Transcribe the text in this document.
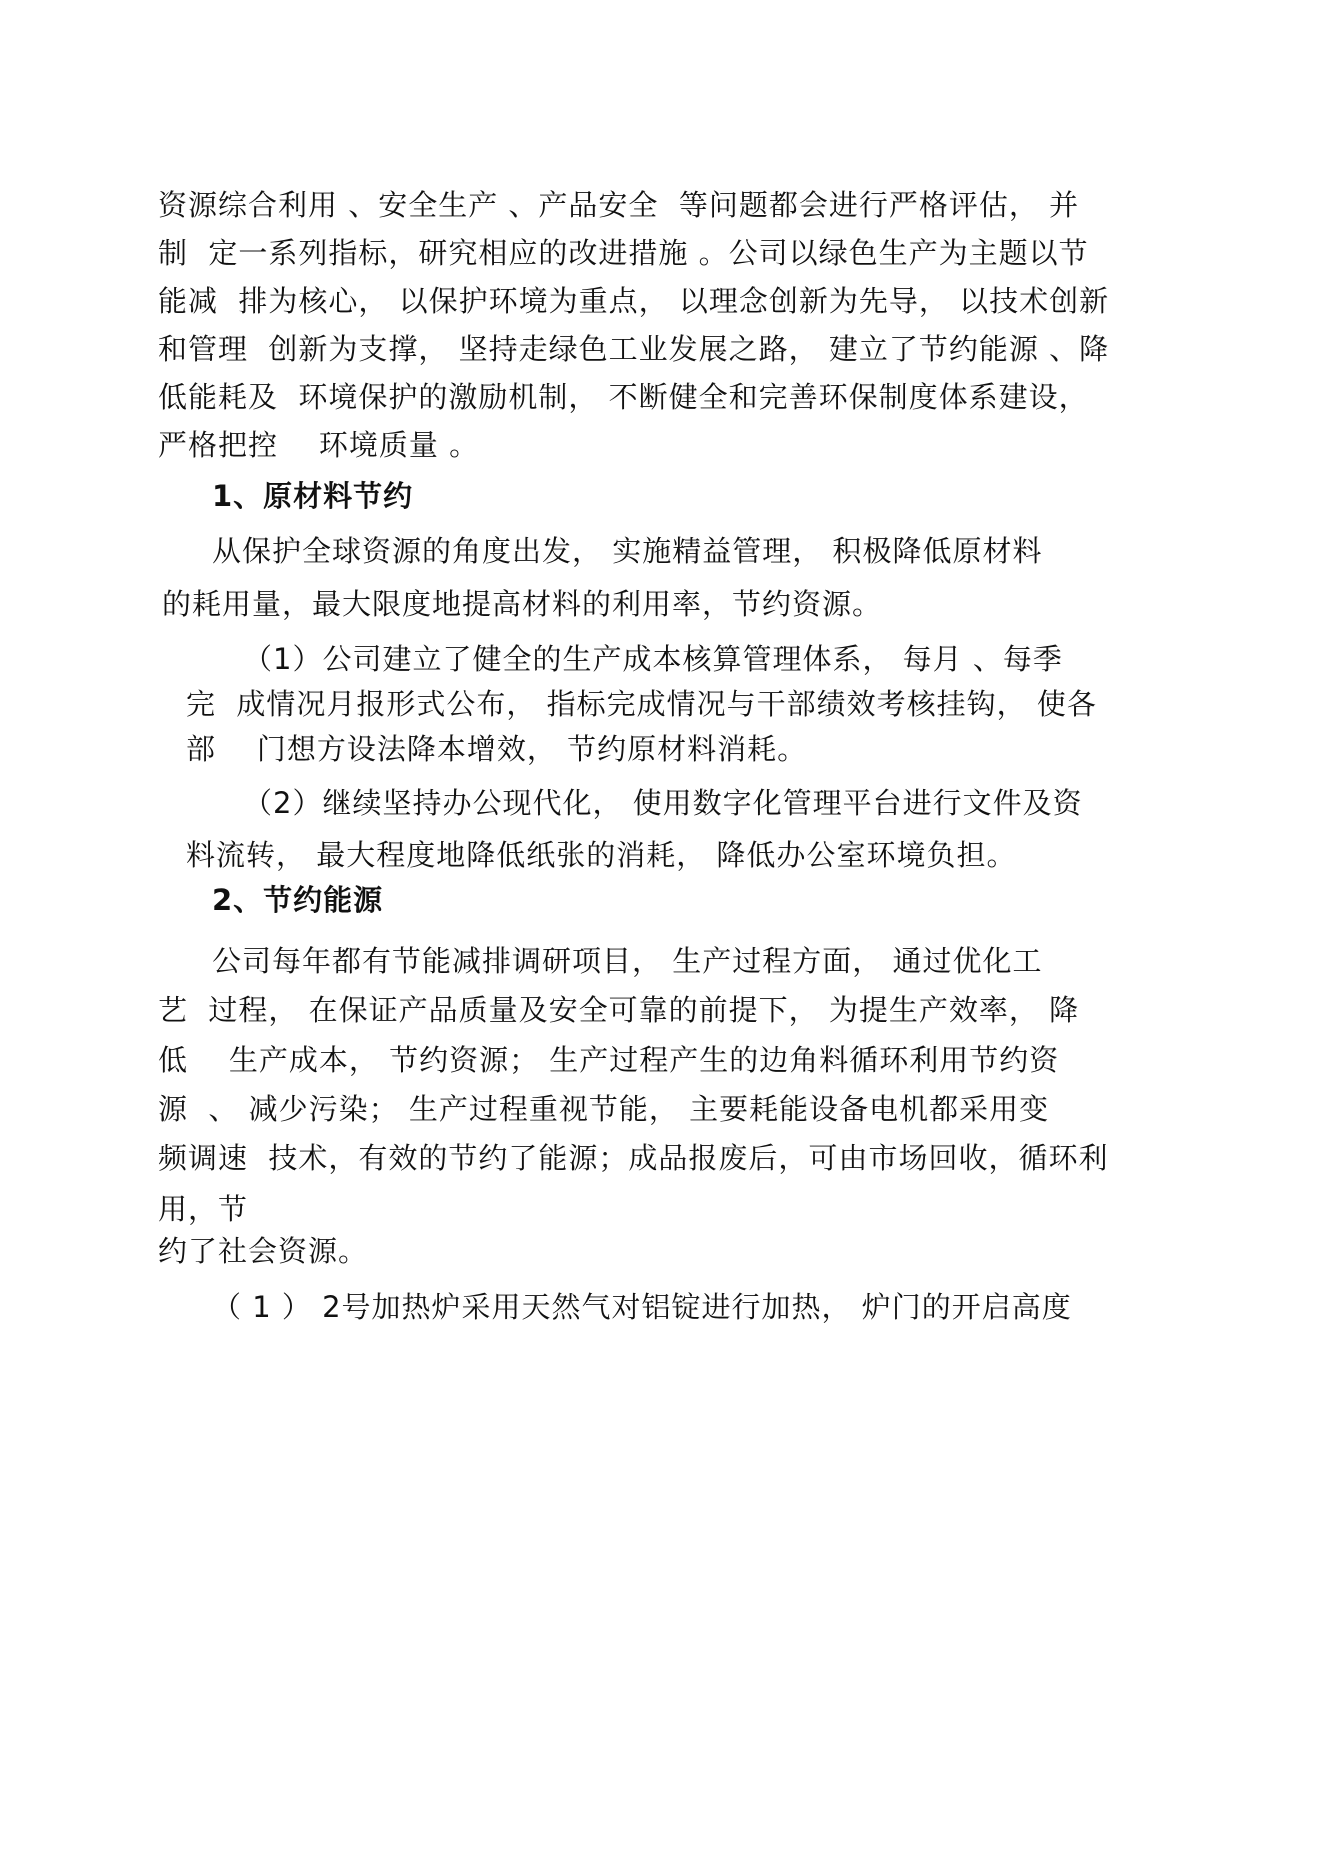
资源综合利用 、安全生产 、产品安全  等问题都会进行严格评估， 并
制  定一系列指标，研究相应的改进措施 。公司以绿色生产为主题以节
能减  排为核心， 以保护环境为重点， 以理念创新为先导， 以技术创新
和管理  创新为支撑， 坚持走绿色工业发展之路， 建立了节约能源 、降
低能耗及  环境保护的激励机制， 不断健全和完善环保制度体系建设，
严格把控    环境质量 。
1、原材料节约
从保护全球资源的角度出发， 实施精益管理， 积极降低原材料
的耗用量，最大限度地提高材料的利用率，节约资源。
（1）公司建立了健全的生产成本核算管理体系， 每月 、每季
完  成情况月报形式公布， 指标完成情况与干部绩效考核挂钩， 使各
部    门想方设法降本增效， 节约原材料消耗。
（2）继续坚持办公现代化， 使用数字化管理平台进行文件及资
料流转， 最大程度地降低纸张的消耗， 降低办公室环境负担。
2、节约能源
公司每年都有节能减排调研项目， 生产过程方面， 通过优化工
艺  过程， 在保证产品质量及安全可靠的前提下， 为提生产效率， 降
低    生产成本， 节约资源； 生产过程产生的边角料循环利用节约资
源  、 减少污染； 生产过程重视节能， 主要耗能设备电机都采用变
频调速  技术，有效的节约了能源；成品报废后，可由市场回收，循环利
用，节
约了社会资源。
（ 1 ） 2号加热炉采用天然气对铝锭进行加热， 炉门的开启高度
